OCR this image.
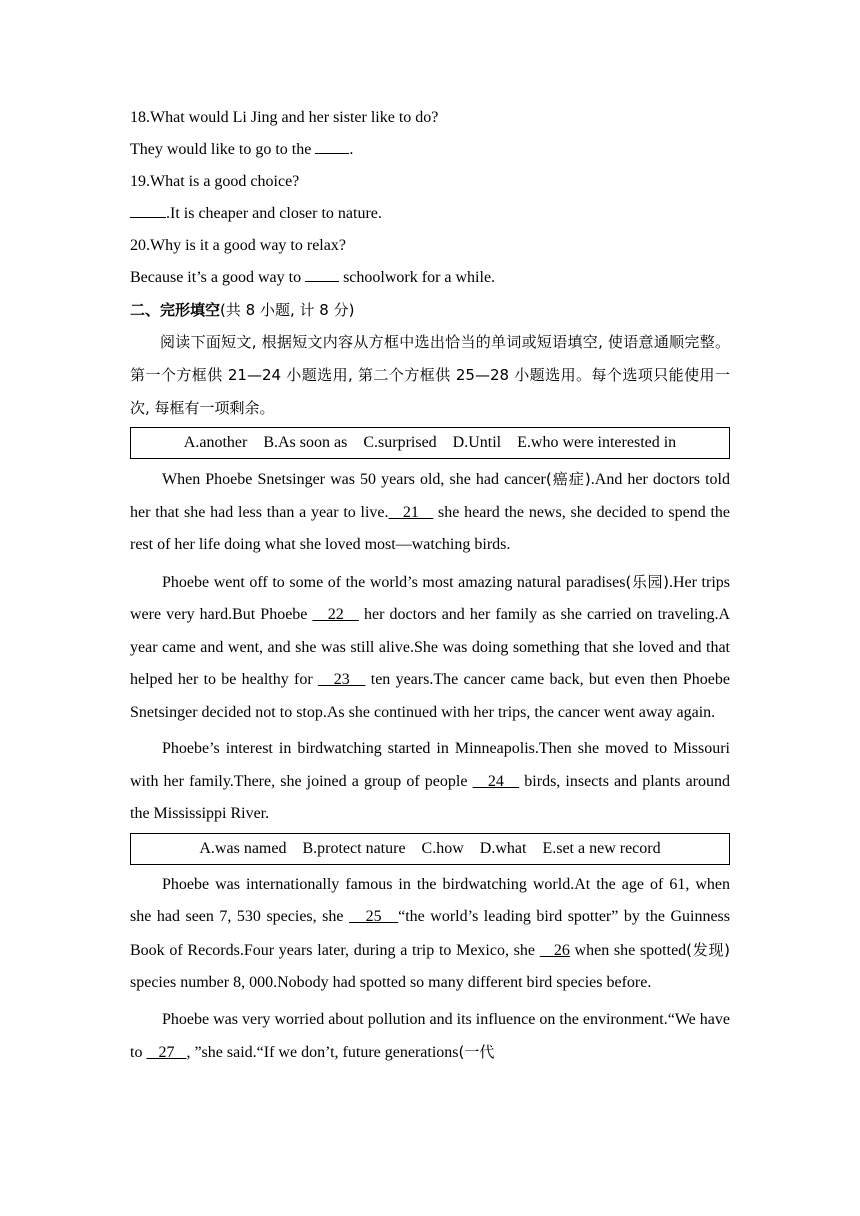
18.What would Li Jing and her sister like to do?
They would like to go to the .
19.What is a good choice?
.It is cheaper and closer to nature.
20.Why is it a good way to relax?
Because it’s a good way to  schoolwork for a while.
二、完形填空(共 8 小题, 计 8 分)

阅读下面短文, 根据短文内容从方框中选出恰当的单词或短语填空, 使语意通顺完整。第一个方框供 21—24 小题选用, 第二个方框供 25—28 小题选用。每个选项只能使用一次, 每框有一项剩余。

A.another B.As soon as C.surprised D.Until E.who were interested in

When Phoebe Snetsinger was 50 years old, she had cancer(癌症).And her doctors told her that she had less than a year to live.   21    she heard the news, she decided to spend the rest of her life doing what she loved most—watching birds.

Phoebe went off to some of the world’s most amazing natural paradises(乐园).Her trips were very hard.But Phoebe    22    her doctors and her family as she carried on traveling.A year came and went, and she was still alive.She was doing something that she loved and that helped her to be healthy for    23    ten years.The cancer came back, but even then Phoebe Snetsinger decided not to stop.As she continued with her trips, the cancer went away again.

Phoebe’s interest in birdwatching started in Minneapolis.Then she moved to Missouri with her family.There, she joined a group of people    24    birds, insects and plants around the Mississippi River.

A.was named B.protect nature C.how D.what E.set a new record

Phoebe was internationally famous in the birdwatching world.At the age of 61, when she had seen 7, 530 species, she    25   “the world’s leading bird spotter” by the Guinness Book of Records.Four years later, during a trip to Mexico, she    26 when she spotted(发现) species number 8, 000.Nobody had spotted so many different bird species before.

Phoebe was very worried about pollution and its influence on the environment.“We have to    27   , ”she said.“If we don’t, future generations(一代
